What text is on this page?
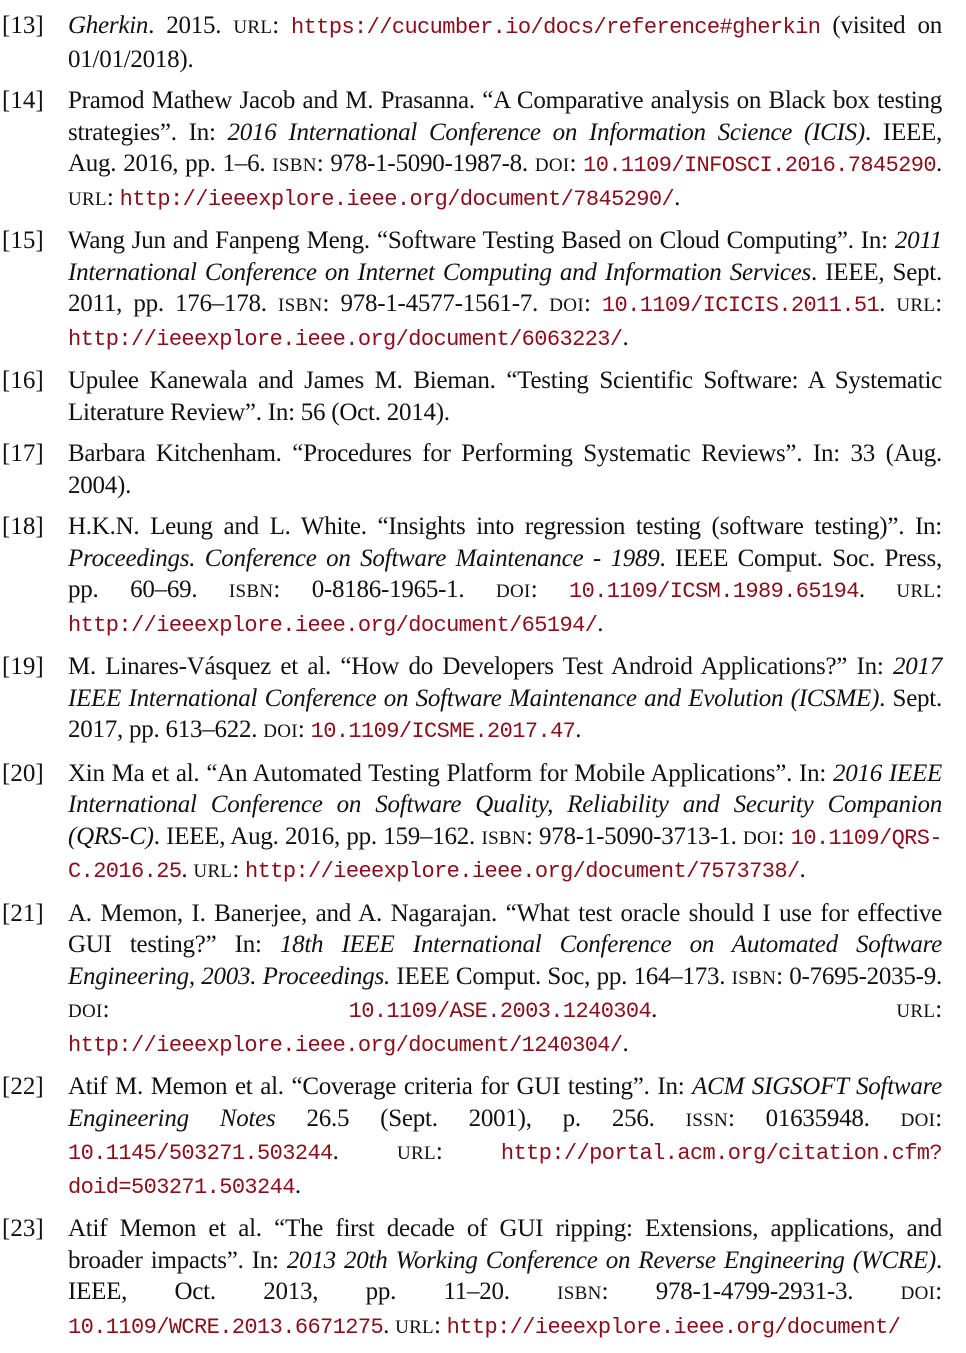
[13] Gherkin. 2015. URL: https://cucumber.io/docs/reference#gherkin (visited on 01/01/2018).
[14] Pramod Mathew Jacob and M. Prasanna. “A Comparative analysis on Black box testing strategies”. In: 2016 International Conference on Information Science (ICIS). IEEE, Aug. 2016, pp. 1–6. ISBN: 978-1-5090-1987-8. DOI: 10.1109/INFOSCI.2016.7845290. URL: http://ieeexplore.ieee.org/document/7845290/.
[15] Wang Jun and Fanpeng Meng. “Software Testing Based on Cloud Computing”. In: 2011 International Conference on Internet Computing and Information Services. IEEE, Sept. 2011, pp. 176–178. ISBN: 978-1-4577-1561-7. DOI: 10.1109/ICICIS.2011.51. URL: http://ieeexplore.ieee.org/document/6063223/.
[16] Upulee Kanewala and James M. Bieman. “Testing Scientific Software: A Systematic Literature Review”. In: 56 (Oct. 2014).
[17] Barbara Kitchenham. “Procedures for Performing Systematic Reviews”. In: 33 (Aug. 2004).
[18] H.K.N. Leung and L. White. “Insights into regression testing (software testing)”. In: Proceedings. Conference on Software Maintenance - 1989. IEEE Comput. Soc. Press, pp. 60–69. ISBN: 0-8186-1965-1. DOI: 10.1109/ICSM.1989.65194. URL: http://ieeexplore.ieee.org/document/65194/.
[19] M. Linares-Vásquez et al. “How do Developers Test Android Applications?” In: 2017 IEEE International Conference on Software Maintenance and Evolution (ICSME). Sept. 2017, pp. 613–622. DOI: 10.1109/ICSME.2017.47.
[20] Xin Ma et al. “An Automated Testing Platform for Mobile Applications”. In: 2016 IEEE International Conference on Software Quality, Reliability and Security Companion (QRS-C). IEEE, Aug. 2016, pp. 159–162. ISBN: 978-1-5090-3713-1. DOI: 10.1109/QRS-C.2016.25. URL: http://ieeexplore.ieee.org/document/7573738/.
[21] A. Memon, I. Banerjee, and A. Nagarajan. “What test oracle should I use for effective GUI testing?” In: 18th IEEE International Conference on Automated Software Engineering, 2003. Proceedings. IEEE Comput. Soc, pp. 164–173. ISBN: 0-7695-2035-9. DOI: 10.1109/ASE.2003.1240304. URL: http://ieeexplore.ieee.org/document/1240304/.
[22] Atif M. Memon et al. “Coverage criteria for GUI testing”. In: ACM SIGSOFT Software Engineering Notes 26.5 (Sept. 2001), p. 256. ISSN: 01635948. DOI: 10.1145/503271.503244. URL: http://portal.acm.org/citation.cfm?doid=503271.503244.
[23] Atif Memon et al. “The first decade of GUI ripping: Extensions, applications, and broader impacts”. In: 2013 20th Working Conference on Reverse Engineering (WCRE). IEEE, Oct. 2013, pp. 11–20. ISBN: 978-1-4799-2931-3. DOI: 10.1109/WCRE.2013.6671275. URL: http://ieeexplore.ieee.org/document/
